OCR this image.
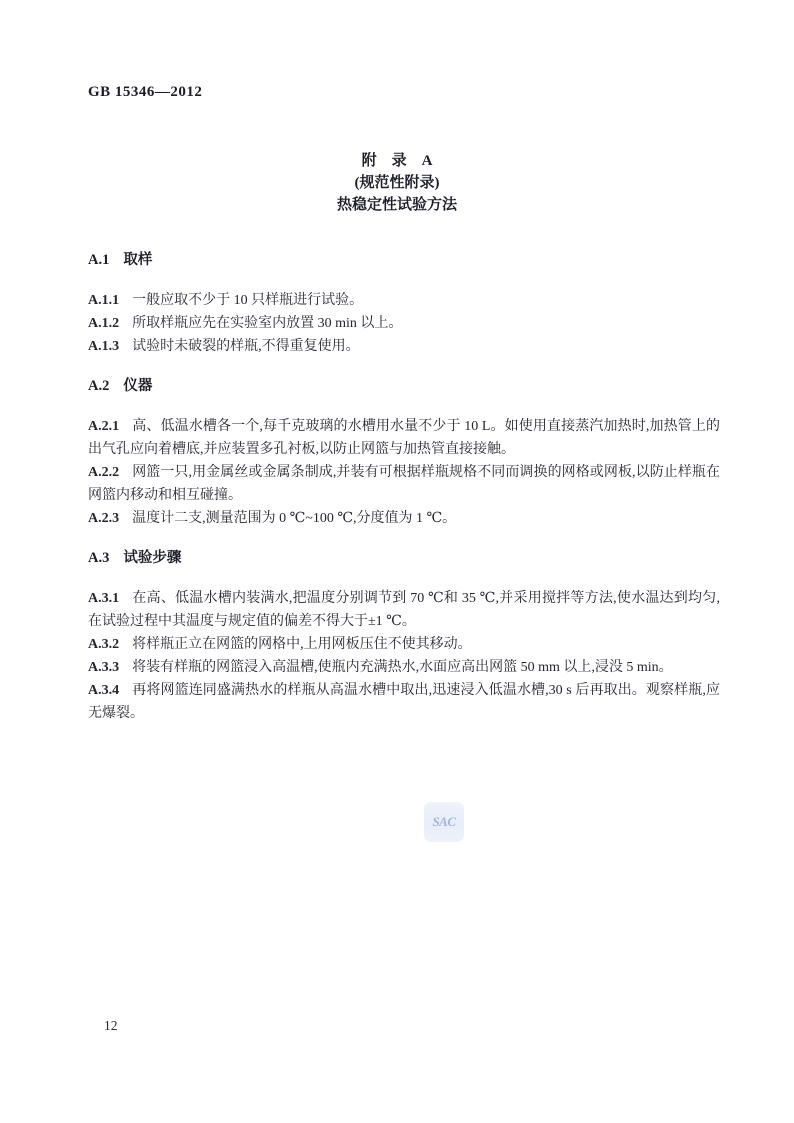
GB 15346—2012
附　录　A
(规范性附录)
热稳定性试验方法
A.1 取样

A.1.1 一般应取不少于 10 只样瓶进行试验。

A.1.2 所取样瓶应先在实验室内放置 30 min 以上。

A.1.3 试验时未破裂的样瓶,不得重复使用。

A.2 仪器

A.2.1 高、低温水槽各一个,每千克玻璃的水槽用水量不少于 10 L。如使用直接蒸汽加热时,加热管上的出气孔应向着槽底,并应装置多孔衬板,以防止网篮与加热管直接接触。

A.2.2 网篮一只,用金属丝或金属条制成,并装有可根据样瓶规格不同而调换的网格或网板,以防止样瓶在网篮内移动和相互碰撞。

A.2.3 温度计二支,测量范围为 0 ℃~100 ℃,分度值为 1 ℃。

A.3 试验步骤

A.3.1 在高、低温水槽内装满水,把温度分别调节到 70 ℃和 35 ℃,并采用搅拌等方法,使水温达到均匀,在试验过程中其温度与规定值的偏差不得大于±1 ℃。

A.3.2 将样瓶正立在网篮的网格中,上用网板压住不使其移动。

A.3.3 将装有样瓶的网篮浸入高温槽,使瓶内充满热水,水面应高出网篮 50 mm 以上,浸没 5 min。

A.3.4 再将网篮连同盛满热水的样瓶从高温水槽中取出,迅速浸入低温水槽,30 s 后再取出。观察样瓶,应无爆裂。

SAC
12
